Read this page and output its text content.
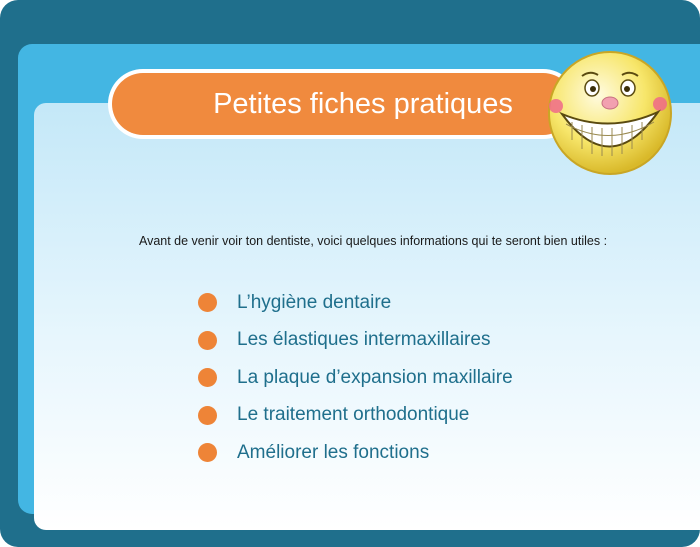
Petites fiches pratiques
Avant de venir voir ton dentiste, voici quelques informations qui te seront bien utiles :
L’hygiène dentaire
Les élastiques intermaxillaires
La plaque d’expansion maxillaire
Le traitement orthodontique
Améliorer les fonctions
